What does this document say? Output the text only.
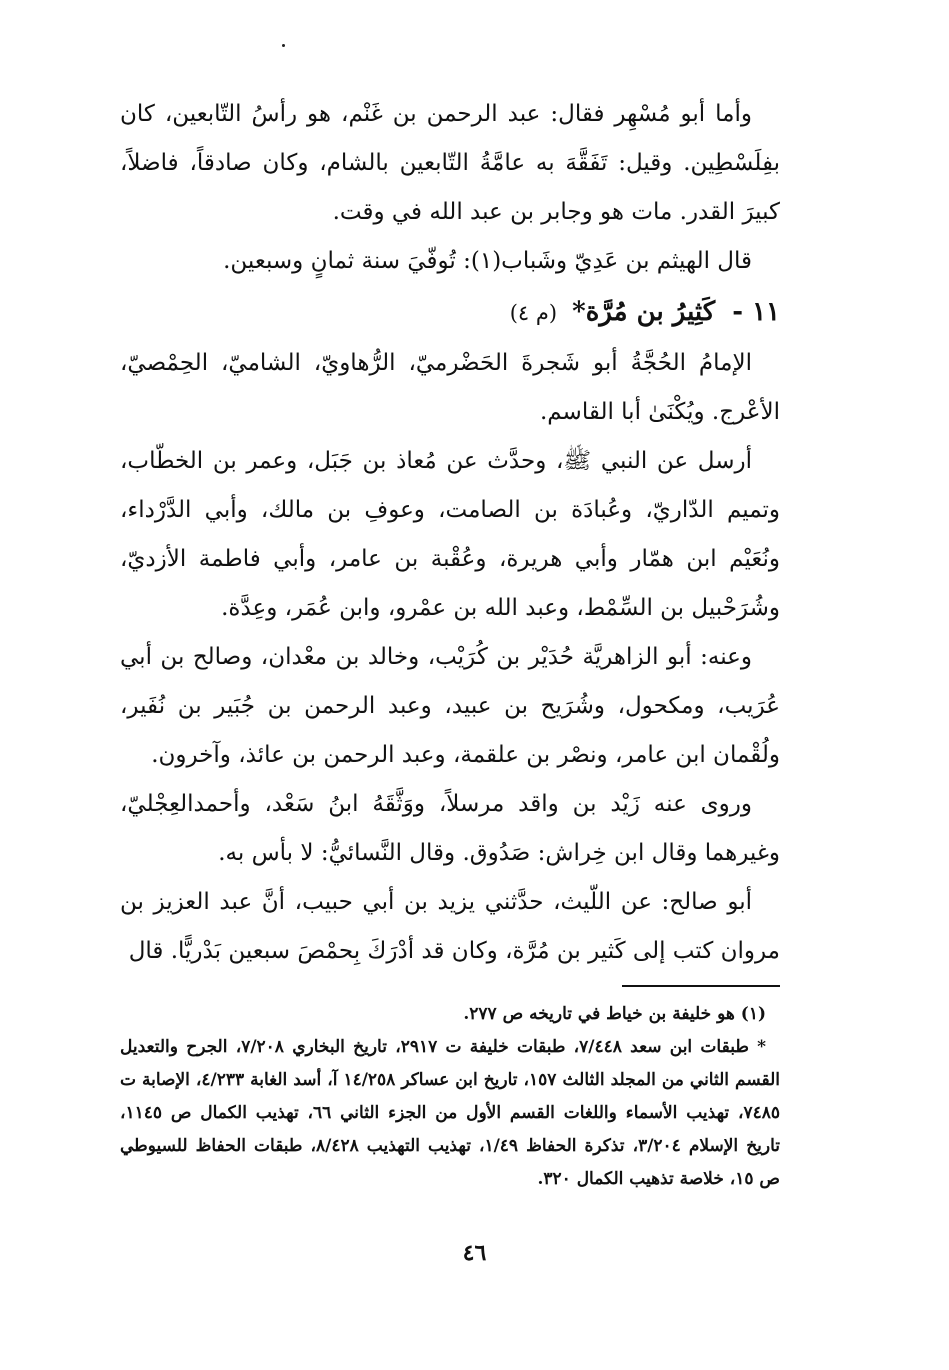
وأما أبو مُسْهِر فقال: عبد الرحمن بن غَنْم، هو رأسُ التّابعين، كان بفِلَسْطِين. وقيل: تَفَقَّهَ به عامَّةُ التّابعين بالشام، وكان صادقاً، فاضلاً، كبيرَ القدر. مات هو وجابر بن عبد الله في وقت.

قال الهيثم بن عَدِيّ وشَباب(١): تُوفّيَ سنة ثمانٍ وسبعين.

١١ - كَثِيرُ بن مُرَّة* (م ٤)

الإمامُ الحُجَّةُ أبو شَجرةَ الحَضْرميّ، الرُّهاويّ، الشاميّ، الحِمْصيّ، الأعْرج. ويُكْنَىٰ أبا القاسم.

أرسل عن النبي ﷺ، وحدَّث عن مُعاذ بن جَبَل، وعمر بن الخطّاب، وتميم الدّاريّ، وعُبادَة بن الصامت، وعوفِ بن مالك، وأبي الدَّرْداء، ونُعَيْم ابن همّار وأبي هريرة، وعُقْبة بن عامر، وأبي فاطمة الأزديّ، وشُرَحْبيل بن السِّمْط، وعبد الله بن عمْرو، وابن عُمَر، وعِدَّة.

وعنه: أبو الزاهريَّة حُدَيْر بن كُرَيْب، وخالد بن معْدان، وصالح بن أبي عُرَيب، ومكحول، وشُرَيح بن عبيد، وعبد الرحمن بن جُبَير بن نُفَير، ولُقْمان ابن عامر، ونصْر بن علقمة، وعبد الرحمن بن عائذ، وآخرون.

وروى عنه زَيْد بن واقد مرسلاً، ووَثَّقَهُ ابنُ سَعْد، وأحمدالعِجْليّ، وغيرهما وقال ابن خِراش: صَدُوق. وقال النَّسائيُّ: لا بأس به.

أبو صالح: عن اللّيث، حدَّثني يزيد بن أبي حبيب، أنَّ عبد العزيز بن مروان كتب إلى كَثير بن مُرَّة، وكان قد أدْرَكَ بِحمْصَ سبعين بَدْريًّا. قال

(١) هو خليفة بن خياط في تاريخه ص ٢٧٧.

* طبقات ابن سعد ٧/٤٤٨، طبقات خليفة ت ٢٩١٧، تاريخ البخاري ٧/٢٠٨، الجرح والتعديل القسم الثاني من المجلد الثالث ١٥٧، تاريخ ابن عساكر ١٤/٢٥٨ آ، أسد الغابة ٤/٢٣٣، الإصابة ت ٧٤٨٥، تهذيب الأسماء واللغات القسم الأول من الجزء الثاني ٦٦، تهذيب الكمال ص ١١٤٥، تاريخ الإسلام ٣/٢٠٤، تذكرة الحفاظ ١/٤٩، تهذيب التهذيب ٨/٤٢٨، طبقات الحفاظ للسيوطي ص ١٥، خلاصة تذهيب الكمال ٣٢٠.

٤٦
